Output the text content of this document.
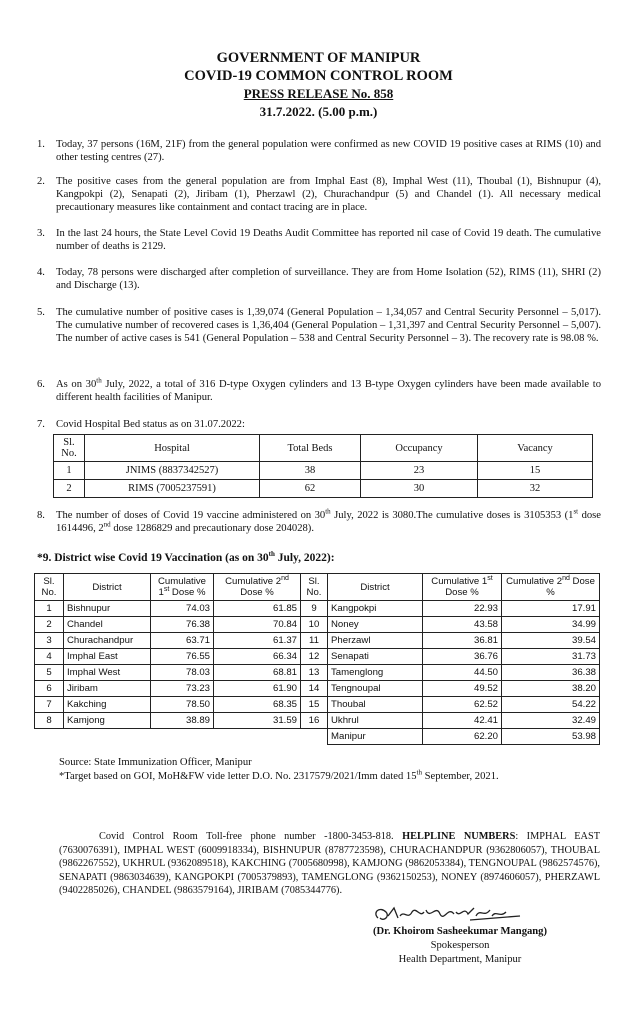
GOVERNMENT OF MANIPUR
COVID-19 COMMON CONTROL ROOM
PRESS RELEASE No. 858
31.7.2022. (5.00 p.m.)
1. Today, 37 persons (16M, 21F) from the general population were confirmed as new COVID 19 positive cases at RIMS (10) and other testing centres (27).
2. The positive cases from the general population are from Imphal East (8), Imphal West (11), Thoubal (1), Bishnupur (4), Kangpokpi (2), Senapati (2), Jiribam (1), Pherzawl (2), Churachandpur (5) and Chandel (1). All necessary medical precautionary measures like containment and contact tracing are in place.
3. In the last 24 hours, the State Level Covid 19 Deaths Audit Committee has reported nil case of Covid 19 death. The cumulative number of deaths is 2129.
4. Today, 78 persons were discharged after completion of surveillance. They are from Home Isolation (52), RIMS (11), SHRI (2) and Discharge (13).
5. The cumulative number of positive cases is 1,39,074 (General Population – 1,34,057 and Central Security Personnel – 5,017). The cumulative number of recovered cases is 1,36,404 (General Population – 1,31,397 and Central Security Personnel – 5,007). The number of active cases is 541 (General Population – 538 and Central Security Personnel – 3). The recovery rate is 98.08 %.
6. As on 30th July, 2022, a total of 316 D-type Oxygen cylinders and 13 B-type Oxygen cylinders have been made available to different health facilities of Manipur.
7. Covid Hospital Bed status as on 31.07.2022:
Sl. No.	Hospital	Total Beds	Occupancy	Vacancy
1	JNIMS (8837342527)	38	23	15
2	RIMS (7005237591)	62	30	32
8. The number of doses of Covid 19 vaccine administered on 30th July, 2022 is 3080.The cumulative doses is 3105353 (1st dose 1614496, 2nd dose 1286829 and precautionary dose 204028).
*9. District wise Covid 19 Vaccination (as on 30th July, 2022):
Sl. No.	District	Cumulative 1st Dose %	Cumulative 2nd Dose %	Sl. No.	District	Cumulative 1st Dose %	Cumulative 2nd Dose %
1	Bishnupur	74.03	61.85	9	Kangpokpi	22.93	17.91
2	Chandel	76.38	70.84	10	Noney	43.58	34.99
3	Churachandpur	63.71	61.37	11	Pherzawl	36.81	39.54
4	Imphal East	76.55	66.34	12	Senapati	36.76	31.73
5	Imphal West	78.03	68.81	13	Tamenglong	44.50	36.38
6	Jiribam	73.23	61.90	14	Tengnoupal	49.52	38.20
7	Kakching	78.50	68.35	15	Thoubal	62.52	54.22
8	Kamjong	38.89	31.59	16	Ukhrul	42.41	32.49
					Manipur	62.20	53.98
Source: State Immunization Officer, Manipur
*Target based on GOI, MoH&FW vide letter D.O. No. 2317579/2021/Imm dated 15th September, 2021.
Covid Control Room Toll-free phone number -1800-3453-818. HELPLINE NUMBERS: IMPHAL EAST (7630076391), IMPHAL WEST (6009918334), BISHNUPUR (8787723598), CHURACHANDPUR (9362806057), THOUBAL (9862267552), UKHRUL (9362089518), KAKCHING (7005680998), KAMJONG (9862053384), TENGNOUPAL (9862574576), SENAPATI (9863034639), KANGPOKPI (7005379893), TAMENGLONG (9362150253), NONEY (8974606057), PHERZAWL (9402285026), CHANDEL (9863579164), JIRIBAM (7085344776).
(Dr. Khoirom Sasheekumar Mangang)
Spokesperson
Health Department, Manipur
